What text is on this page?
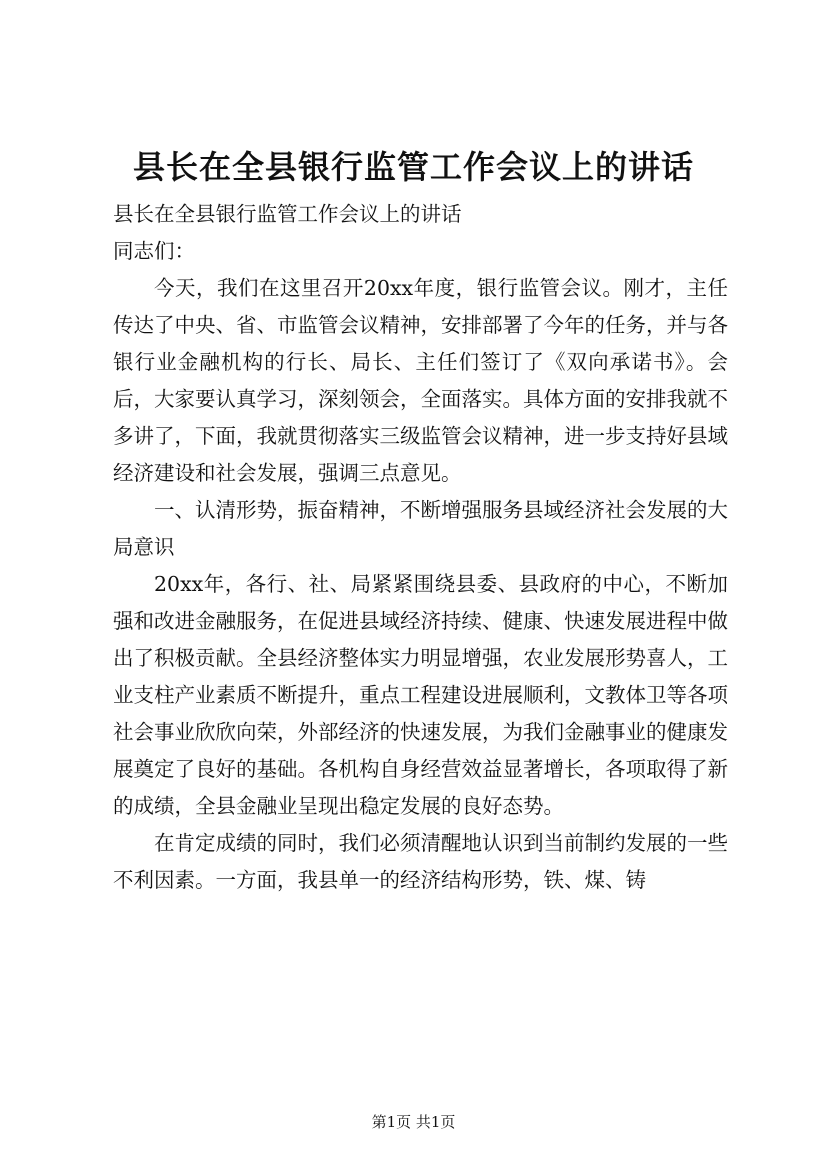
县长在全县银行监管工作会议上的讲话

县长在全县银行监管工作会议上的讲话

同志们：

今天，我们在这里召开20xx年度，银行监管会议。刚才，主任传达了中央、省、市监管会议精神，安排部署了今年的任务，并与各银行业金融机构的行长、局长、主任们签订了《双向承诺书》。会后，大家要认真学习，深刻领会，全面落实。具体方面的安排我就不多讲了，下面，我就贯彻落实三级监管会议精神，进一步支持好县域经济建设和社会发展，强调三点意见。

一、认清形势，振奋精神，不断增强服务县域经济社会发展的大局意识

20xx年，各行、社、局紧紧围绕县委、县政府的中心，不断加强和改进金融服务，在促进县域经济持续、健康、快速发展进程中做出了积极贡献。全县经济整体实力明显增强，农业发展形势喜人，工业支柱产业素质不断提升，重点工程建设进展顺利，文教体卫等各项社会事业欣欣向荣，外部经济的快速发展，为我们金融事业的健康发展奠定了良好的基础。各机构自身经营效益显著增长，各项取得了新的成绩，全县金融业呈现出稳定发展的良好态势。

在肯定成绩的同时，我们必须清醒地认识到当前制约发展的一些不利因素。一方面，我县单一的经济结构形势，铁、煤、铸

第1页 共1页
